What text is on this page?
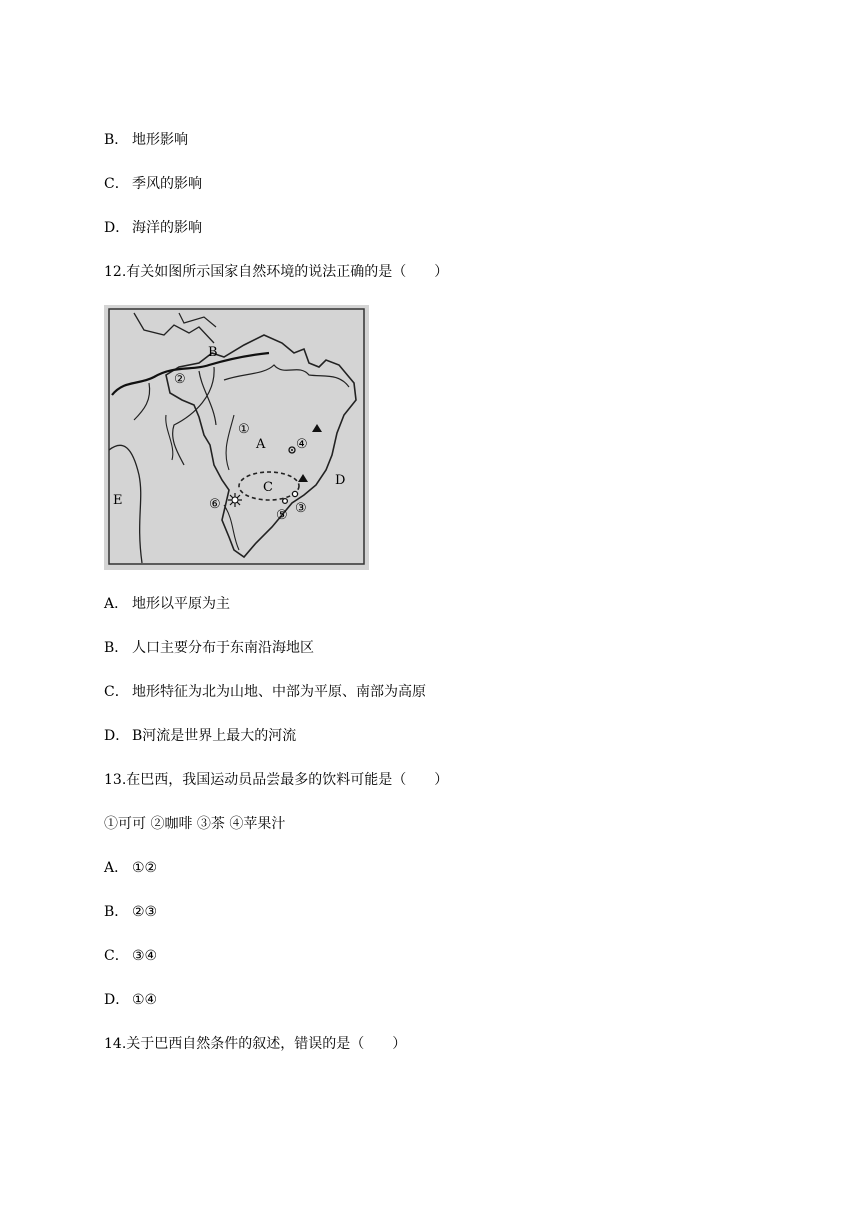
B． 地形影响
C． 季风的影响
D． 海洋的影响
12.有关如图所示国家自然环境的说法正确的是（　　）
B
②
①
A ④
D
C
E	⑥	③
⑤
A． 地形以平原为主
B． 人口主要分布于东南沿海地区
C． 地形特征为北为山地、中部为平原、南部为高原
D． B河流是世界上最大的河流
13.在巴西，我国运动员品尝最多的饮料可能是（　　）
①可可 ②咖啡 ③茶 ④苹果汁
A． ①②
B． ②③
C． ③④
D． ①④
14.关于巴西自然条件的叙述，错误的是（　　）
